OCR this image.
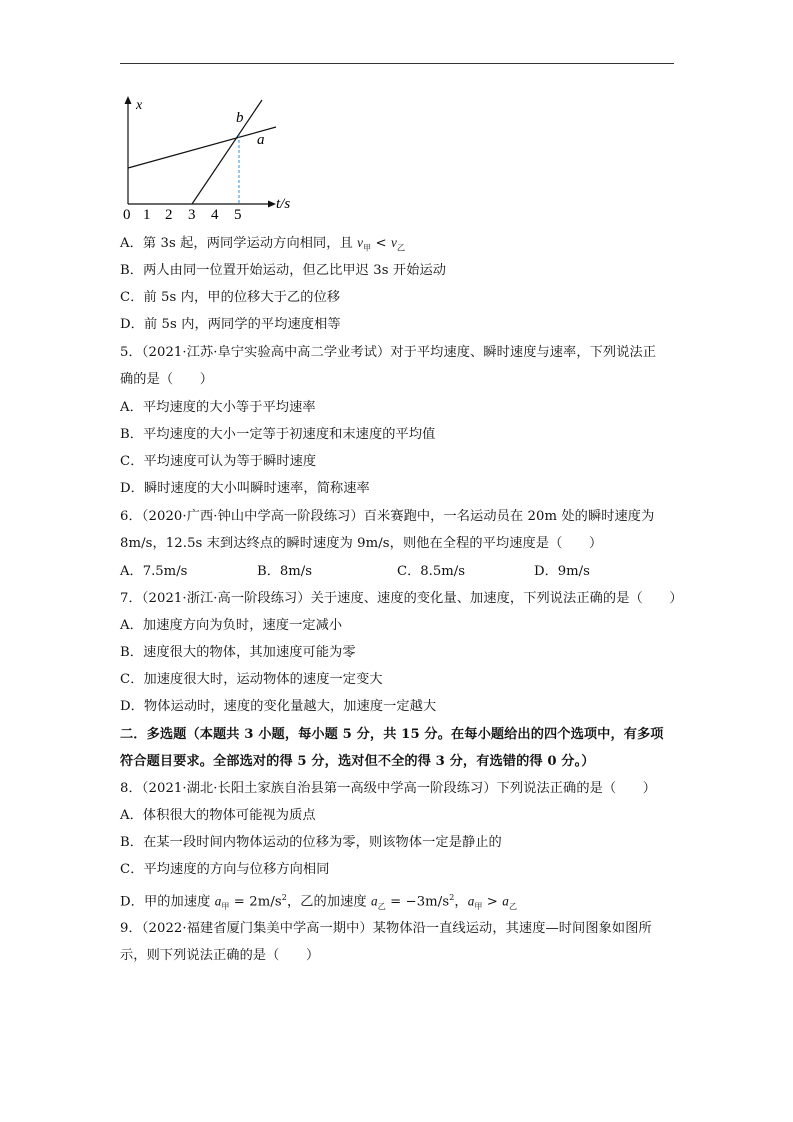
x
b
a
t/s
0 1 2 3 4 5
A．第 3s 起，两同学运动方向相同，且 $v_甲 < v_乙$
B．两人由同一位置开始运动，但乙比甲迟 3s 开始运动
C．前 5s 内，甲的位移大于乙的位移
D．前 5s 内，两同学的平均速度相等
5．（2021·江苏·阜宁实验高中高二学业考试）对于平均速度、瞬时速度与速率，下列说法正
确的是（　　）
A．平均速度的大小等于平均速率
B．平均速度的大小一定等于初速度和末速度的平均值
C．平均速度可认为等于瞬时速度
D．瞬时速度的大小叫瞬时速率，简称速率
6．（2020·广西·钟山中学高一阶段练习）百米赛跑中，一名运动员在 20m 处的瞬时速度为
8m/s，12.5s 末到达终点的瞬时速度为 9m/s，则他在全程的平均速度是（　　）
A．7.5m/s	B．8m/s	C．8.5m/s	D．9m/s
7．（2021·浙江·高一阶段练习）关于速度、速度的变化量、加速度，下列说法正确的是（　　）
A．加速度方向为负时，速度一定减小
B．速度很大的物体，其加速度可能为零
C．加速度很大时，运动物体的速度一定变大
D．物体运动时，速度的变化量越大，加速度一定越大
二．多选题（本题共 3 小题，每小题 5 分，共 15 分。在每小题给出的四个选项中，有多项
符合题目要求。全部选对的得 5 分，选对但不全的得 3 分，有选错的得 0 分。）
8．（2021·湖北·长阳土家族自治县第一高级中学高一阶段练习）下列说法正确的是（　　）
A．体积很大的物体可能视为质点
B．在某一段时间内物体运动的位移为零，则该物体一定是静止的
C．平均速度的方向与位移方向相同
D．甲的加速度 $a_甲 = 2m/s^2$，乙的加速度 $a_乙 = -3m/s^2$，$a_甲 > a_乙$
9．（2022·福建省厦门集美中学高一期中）某物体沿一直线运动，其速度—时间图象如图所
示，则下列说法正确的是（　　）
